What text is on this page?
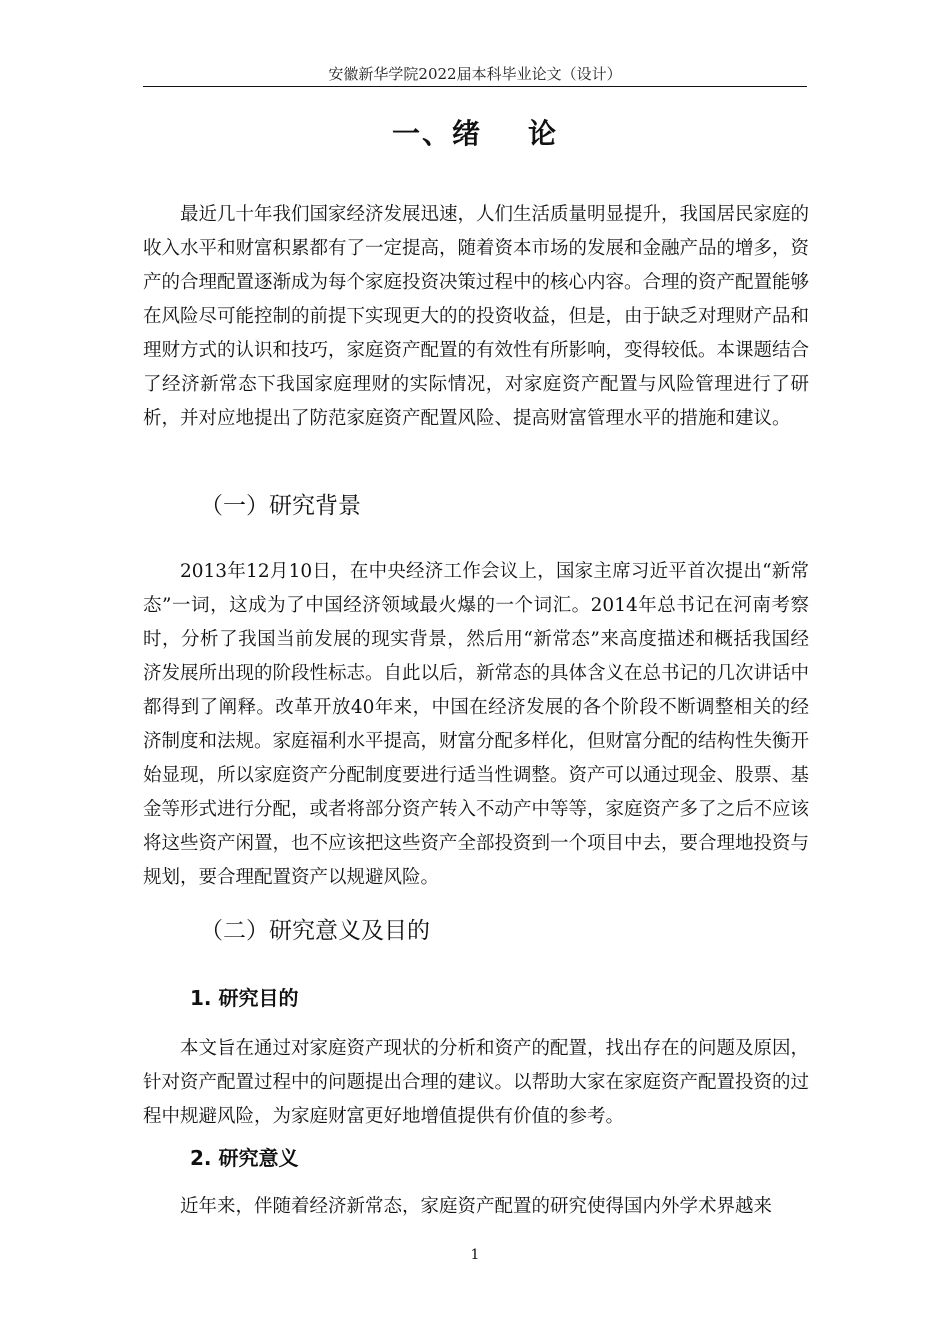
安徽新华学院2022届本科毕业论文（设计）
一、绪 论

最近几十年我们国家经济发展迅速，人们生活质量明显提升，我国居民家庭的收入水平和财富积累都有了一定提高，随着资本市场的发展和金融产品的增多，资产的合理配置逐渐成为每个家庭投资决策过程中的核心内容。合理的资产配置能够在风险尽可能控制的前提下实现更大的的投资收益，但是，由于缺乏对理财产品和理财方式的认识和技巧，家庭资产配置的有效性有所影响，变得较低。本课题结合了经济新常态下我国家庭理财的实际情况，对家庭资产配置与风险管理进行了研析，并对应地提出了防范家庭资产配置风险、提高财富管理水平的措施和建议。

（一）研究背景

2013年12月10日，在中央经济工作会议上，国家主席习近平首次提出“新常态”一词，这成为了中国经济领域最火爆的一个词汇。2014年总书记在河南考察时，分析了我国当前发展的现实背景，然后用“新常态”来高度描述和概括我国经济发展所出现的阶段性标志。自此以后，新常态的具体含义在总书记的几次讲话中都得到了阐释。改革开放40年来，中国在经济发展的各个阶段不断调整相关的经济制度和法规。家庭福利水平提高，财富分配多样化，但财富分配的结构性失衡开始显现，所以家庭资产分配制度要进行适当性调整。资产可以通过现金、股票、基金等形式进行分配，或者将部分资产转入不动产中等等，家庭资产多了之后不应该将这些资产闲置，也不应该把这些资产全部投资到一个项目中去，要合理地投资与规划，要合理配置资产以规避风险。

（二）研究意义及目的
1. 研究目的

本文旨在通过对家庭资产现状的分析和资产的配置，找出存在的问题及原因，针对资产配置过程中的问题提出合理的建议。以帮助大家在家庭资产配置投资的过程中规避风险，为家庭财富更好地增值提供有价值的参考。

2. 研究意义

近年来，伴随着经济新常态，家庭资产配置的研究使得国内外学术界越来

1
